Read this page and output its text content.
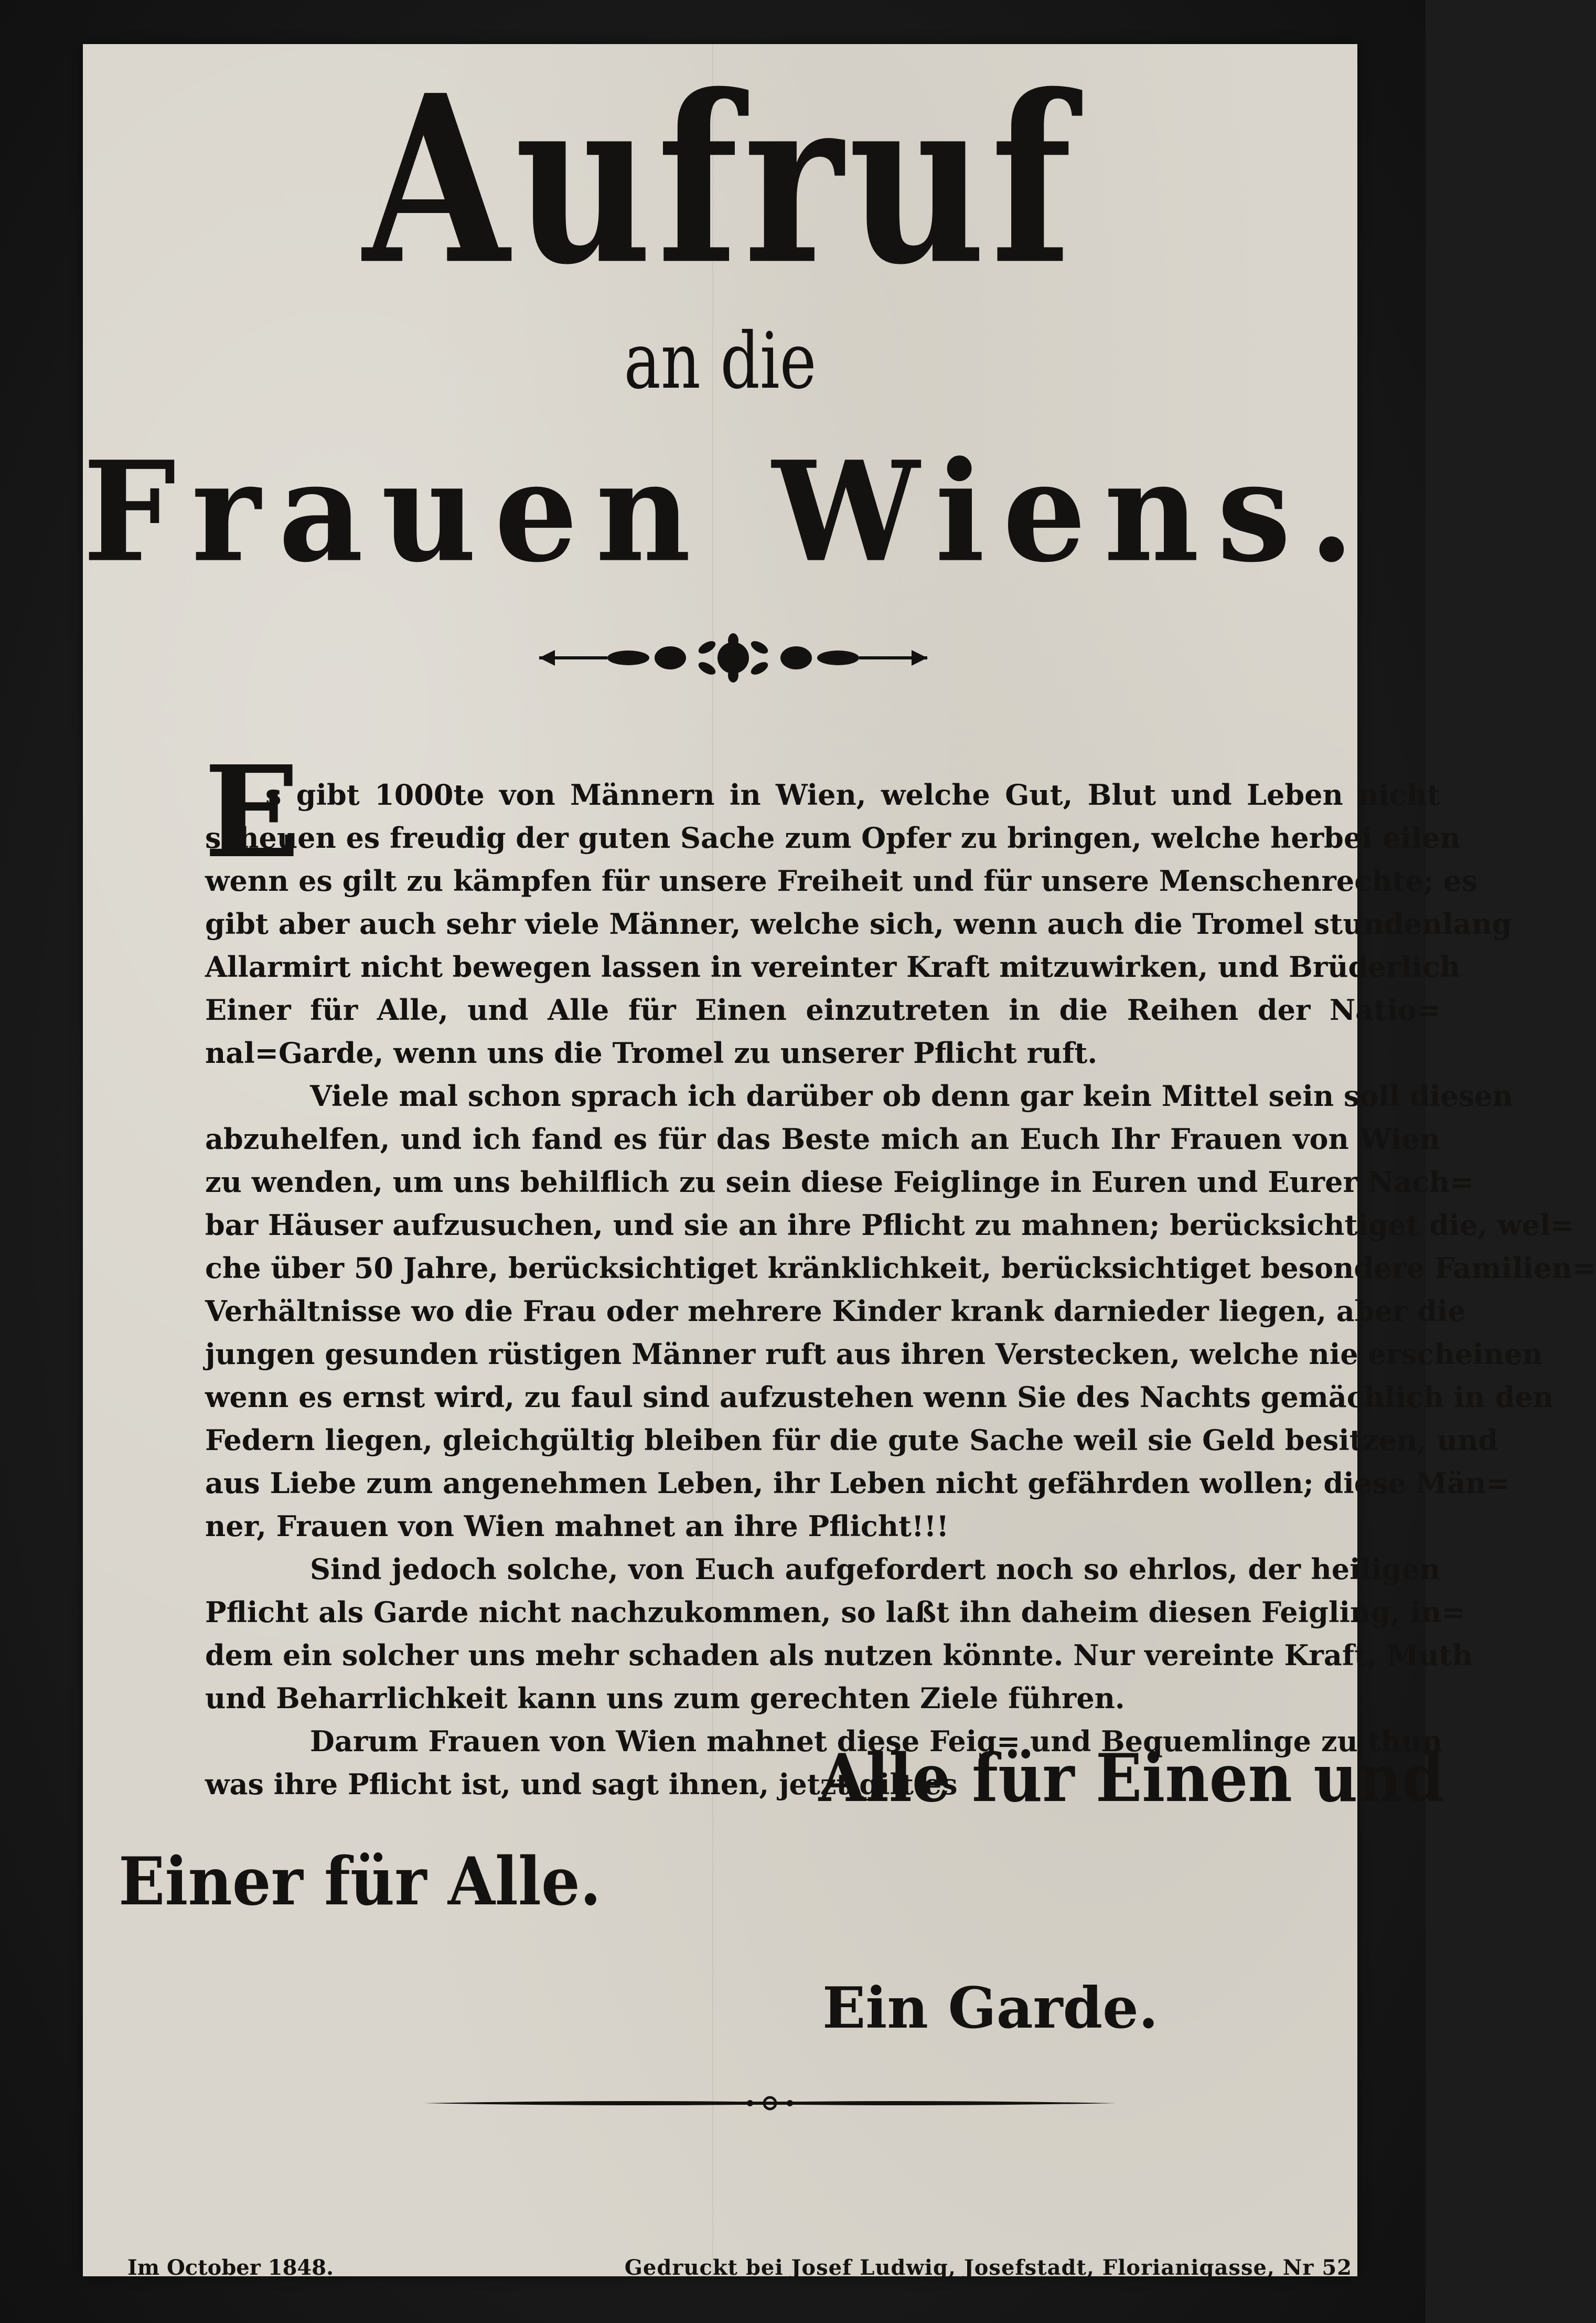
Aufruf
an die
Frauen Wiens.
E
s gibt 1000te von Männern in Wien, welche Gut, Blut und Leben nicht
scheuen es freudig der guten Sache zum Opfer zu bringen, welche herbei eilen
wenn es gilt zu kämpfen für unsere Freiheit und für unsere Menschenrechte; es
gibt aber auch sehr viele Männer, welche sich, wenn auch die Tromel stundenlang
Allarmirt nicht bewegen lassen in vereinter Kraft mitzuwirken, und Brüderlich
Einer für Alle, und Alle für Einen einzutreten in die Reihen der Natio=
nal=Garde, wenn uns die Tromel zu unserer Pflicht ruft.
Viele mal schon sprach ich darüber ob denn gar kein Mittel sein soll diesen
abzuhelfen, und ich fand es für das Beste mich an Euch Ihr Frauen von Wien
zu wenden, um uns behilflich zu sein diese Feiglinge in Euren und Eurer Nach=
bar Häuser aufzusuchen, und sie an ihre Pflicht zu mahnen; berücksichtiget die, wel=
che über 50 Jahre, berücksichtiget kränklichkeit, berücksichtiget besondere Familien=
Verhältnisse wo die Frau oder mehrere Kinder krank darnieder liegen, aber die
jungen gesunden rüstigen Männer ruft aus ihren Verstecken, welche nie erscheinen
wenn es ernst wird, zu faul sind aufzustehen wenn Sie des Nachts gemächlich in den
Federn liegen, gleichgültig bleiben für die gute Sache weil sie Geld besitzen, und
aus Liebe zum angenehmen Leben, ihr Leben nicht gefährden wollen; diese Män=
ner, Frauen von Wien mahnet an ihre Pflicht!!!
Sind jedoch solche, von Euch aufgefordert noch so ehrlos, der heiligen
Pflicht als Garde nicht nachzukommen, so laßt ihn daheim diesen Feigling, in=
dem ein solcher uns mehr schaden als nutzen könnte. Nur vereinte Kraft, Muth
und Beharrlichkeit kann uns zum gerechten Ziele führen.
Darum Frauen von Wien mahnet diese Feig= und Bequemlinge zu thun
was ihre Pflicht ist, und sagt ihnen, jetzt gilt es
Alle für Einen und
Einer für Alle.
Ein Garde.
Im October 1848.	Gedruckt bei Josef Ludwig, Josefstadt, Florianigasse, Nr 52
